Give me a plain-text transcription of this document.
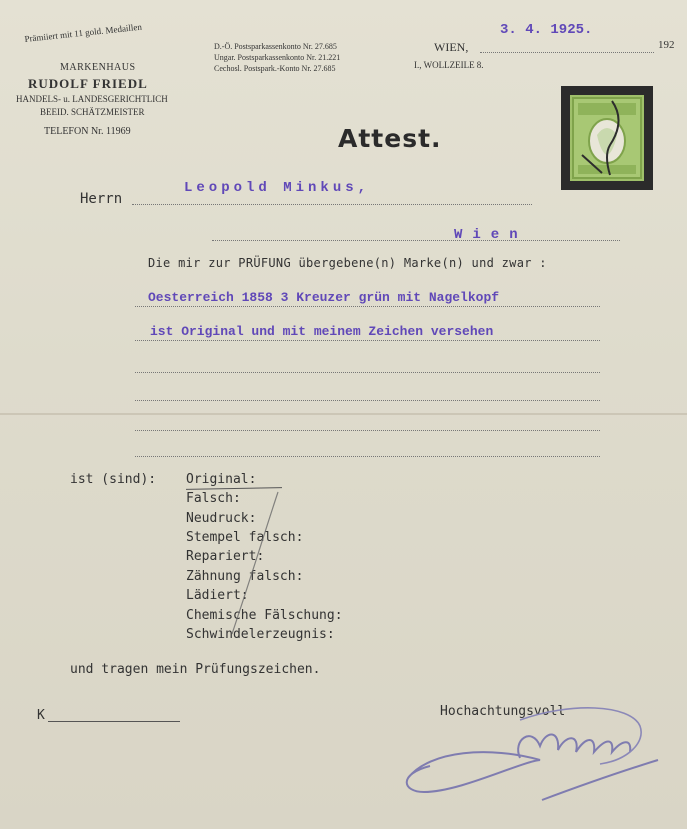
Prämiiert mit 11 gold. Medaillen
MARKENHAUS
RUDOLF FRIEDL
HANDELS- u. LANDESGERICHTLICH
BEEID. SCHÄTZMEISTER
TELEFON Nr. 11969
D.-Ö. Postsparkassenkonto Nr. 27.685
Ungar. Postsparkassenkonto Nr. 21.221
Cechosl. Postspark.-Konto Nr. 27.685
WIEN,
3. 4. 1925.
192
I., WOLLZEILE 8.
Attest.
Herrn
Leopold Minkus,
Wien
Die mir zur PRÜFUNG übergebene(n) Marke(n) und zwar :
Oesterreich 1858 3 Kreuzer grün mit Nagelkopf
ist Original und mit meinem Zeichen versehen
ist (sind): Original:
Falsch:
Neudruck:
Stempel falsch:
Repariert:
Zähnung falsch:
Lädiert:
Chemische Fälschung:
Schwindelerzeugnis:
und tragen mein Prüfungszeichen.
K	Hochachtungsvoll
